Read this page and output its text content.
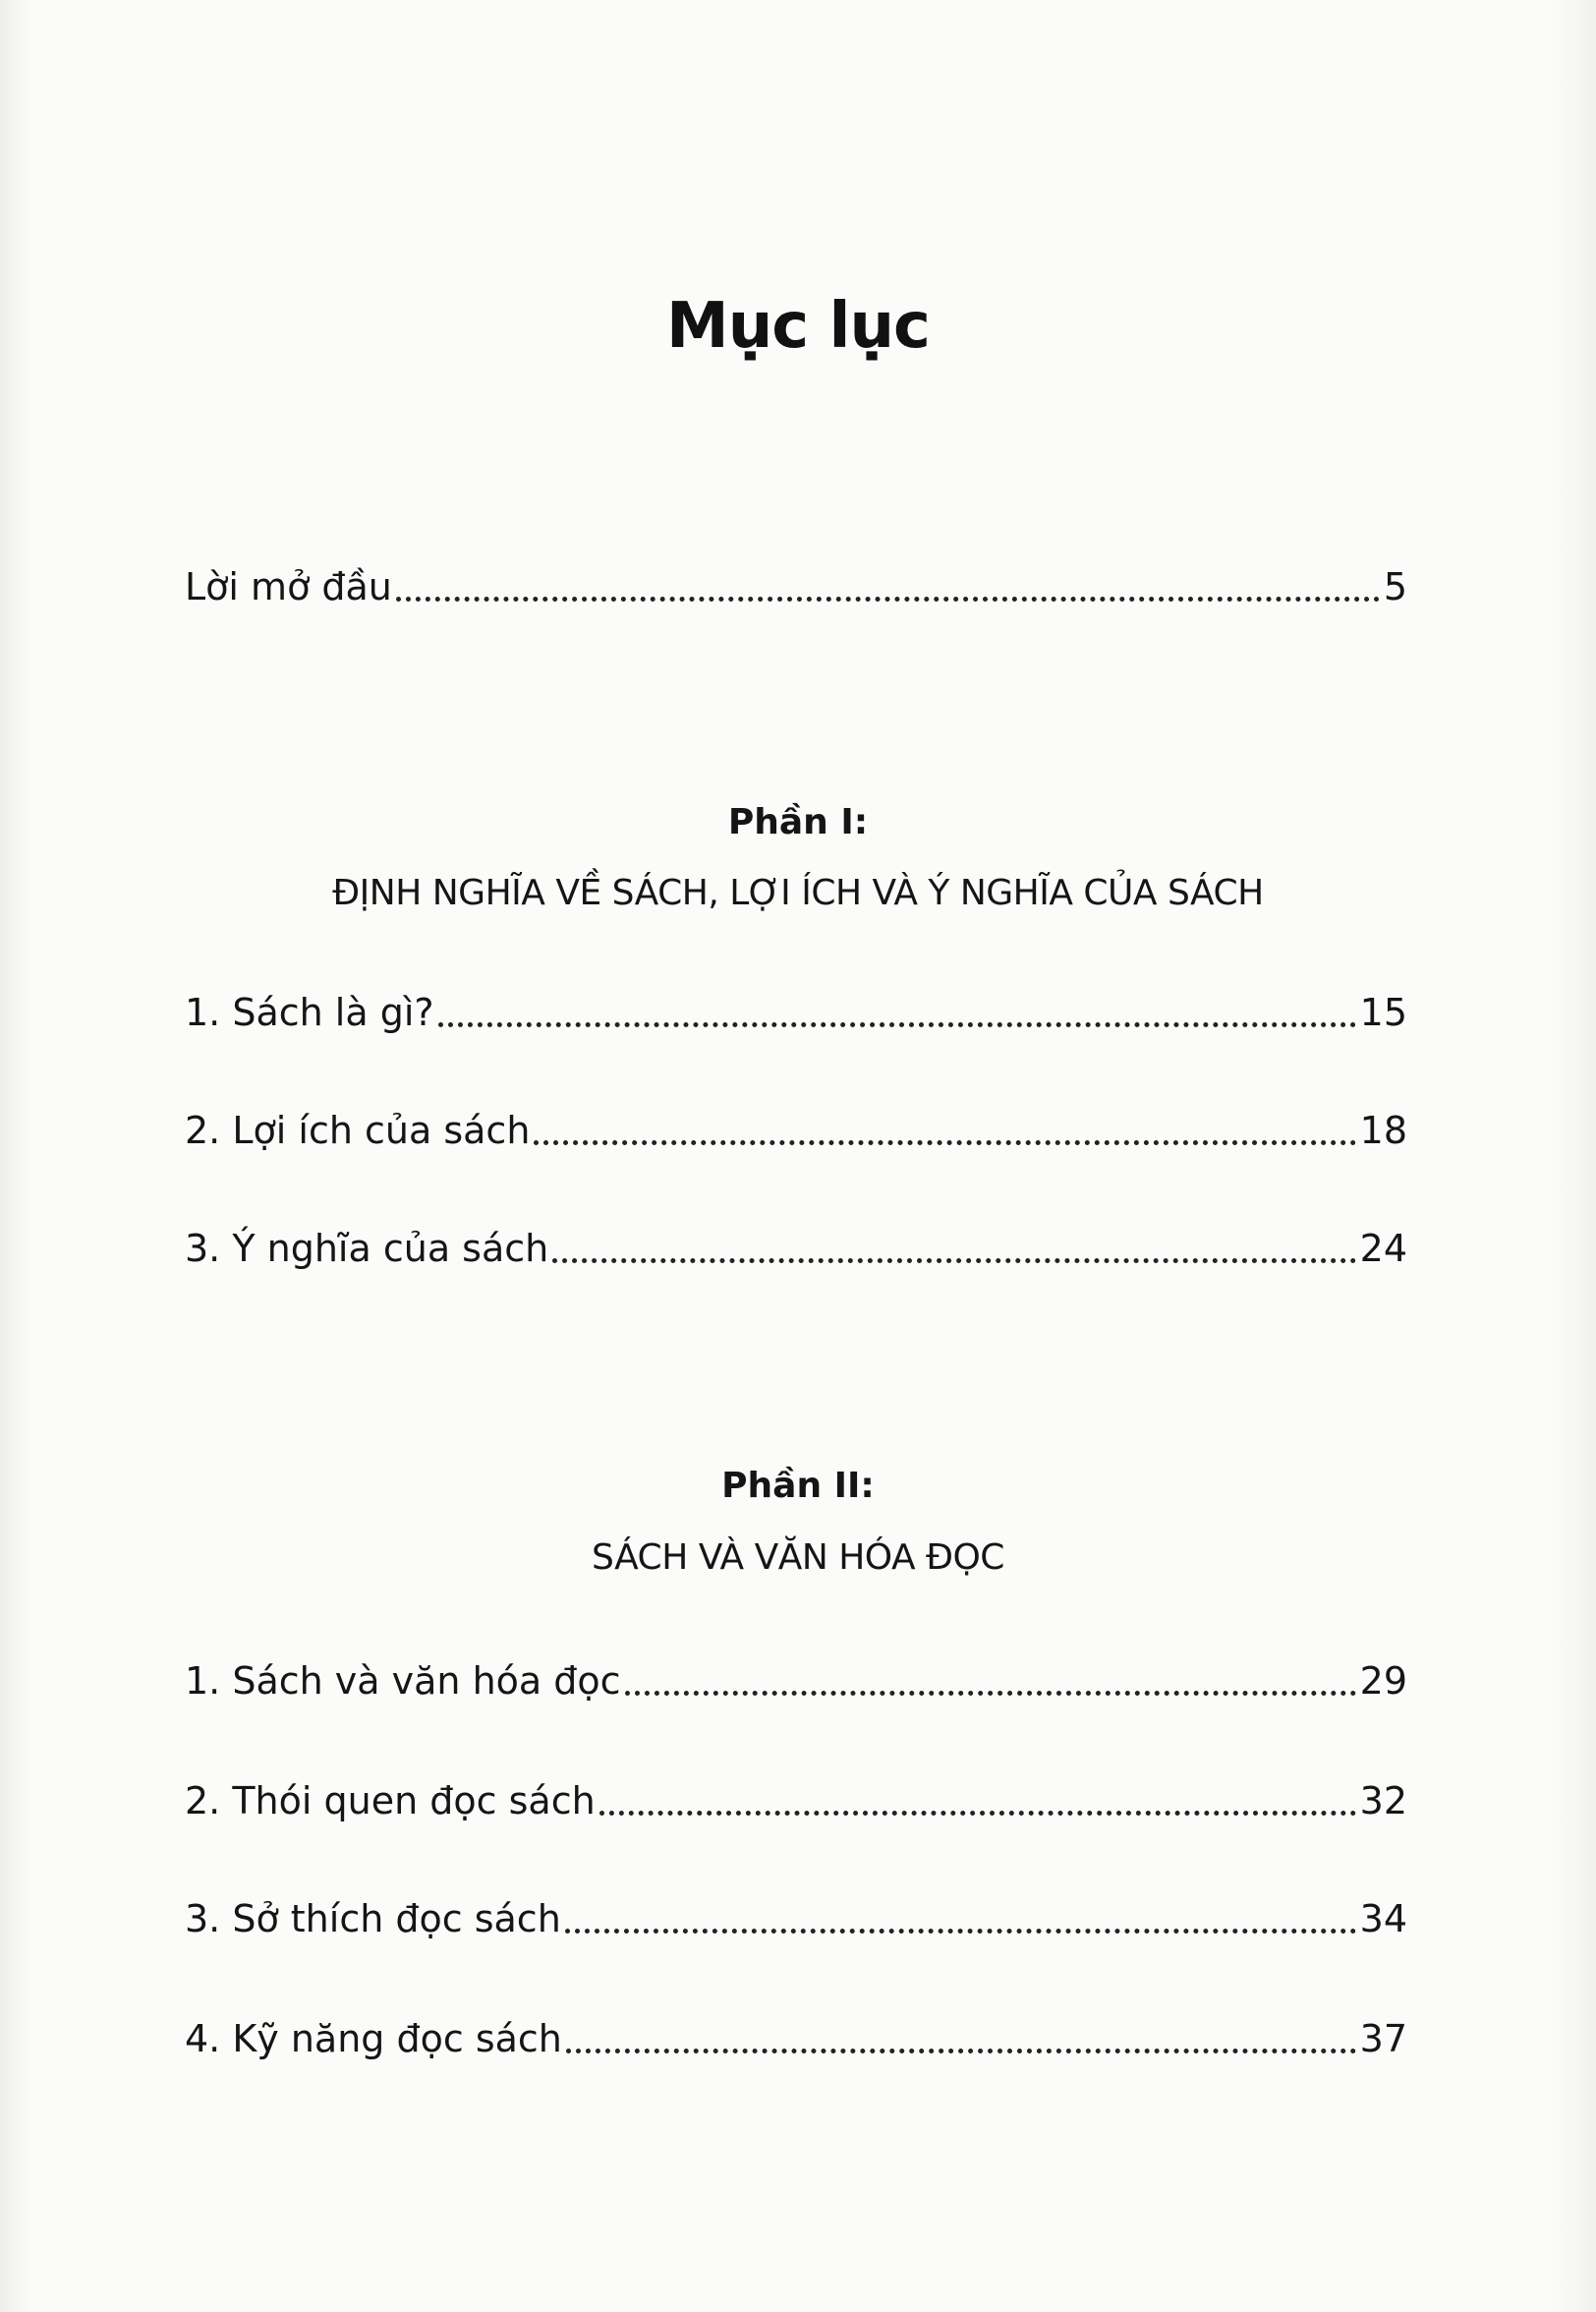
Mục lục
Lời mở đầu	5
Phần I:
ĐỊNH NGHĨA VỀ SÁCH, LỢI ÍCH VÀ Ý NGHĨA CỦA SÁCH
1. Sách là gì?	15
2. Lợi ích của sách	18
3. Ý nghĩa của sách	24
Phần II:
SÁCH VÀ VĂN HÓA ĐỌC
1. Sách và văn hóa đọc	29
2. Thói quen đọc sách	32
3. Sở thích đọc sách	34
4. Kỹ năng đọc sách	37
